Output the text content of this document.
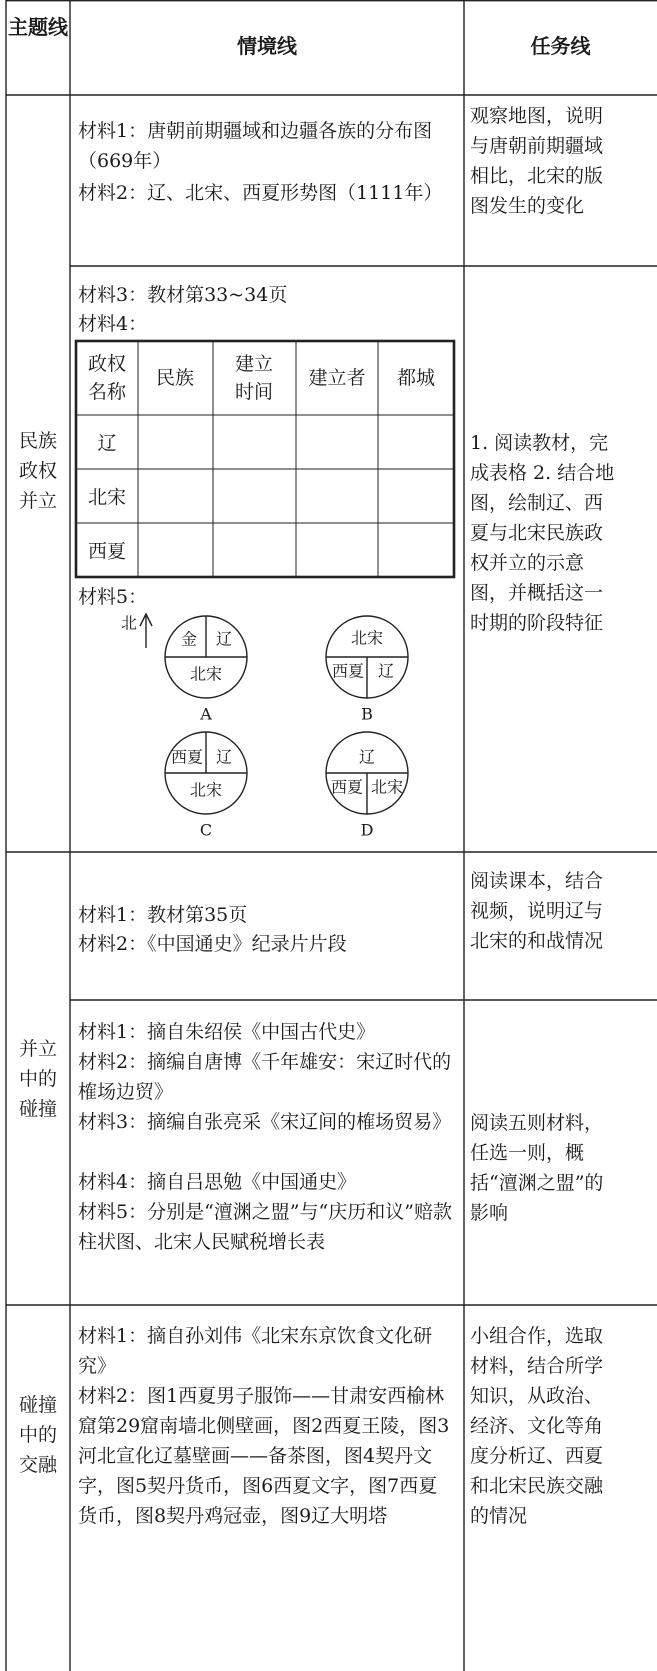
主题线
情境线	任务线
民族政权并立
并立中的碰撞
碰撞中的交融
材料1：唐朝前期疆域和边疆各族的分布图（669年）
材料2：辽、北宋、西夏形势图（1111年）
观察地图，说明与唐朝前期疆域相比，北宋的版图发生的变化
材料3：教材第33~34页
材料4：
政权名称
民族
建立时间
建立者 都城
辽
北宋
西夏
材料5：
北
金 辽
北宋
A
北宋
西夏 辽
B
西夏 辽
北宋
C
辽
西夏 北宋
D
1. 阅读教材，完成表格 2. 结合地图，绘制辽、西夏与北宋民族政权并立的示意图，并概括这一时期的阶段特征
材料1：教材第35页
材料2：《中国通史》纪录片片段
阅读课本，结合视频，说明辽与北宋的和战情况
材料1：摘自朱绍侯《中国古代史》
材料2：摘编自唐博《千年雄安：宋辽时代的榷场边贸》
材料3：摘编自张亮采《宋辽间的榷场贸易》
材料4：摘自吕思勉《中国通史》
材料5：分别是“澶渊之盟”与“庆历和议”赔款柱状图、北宋人民赋税增长表
阅读五则材料，任选一则，概括“澶渊之盟”的影响
材料1：摘自孙刘伟《北宋东京饮食文化研究》
材料2：图1西夏男子服饰——甘肃安西榆林窟第29窟南墙北侧壁画，图2西夏王陵，图3河北宣化辽墓壁画——备茶图，图4契丹文字，图5契丹货币，图6西夏文字，图7西夏货币，图8契丹鸡冠壶，图9辽大明塔
小组合作，选取材料，结合所学知识，从政治、经济、文化等角度分析辽、西夏和北宋民族交融的情况
